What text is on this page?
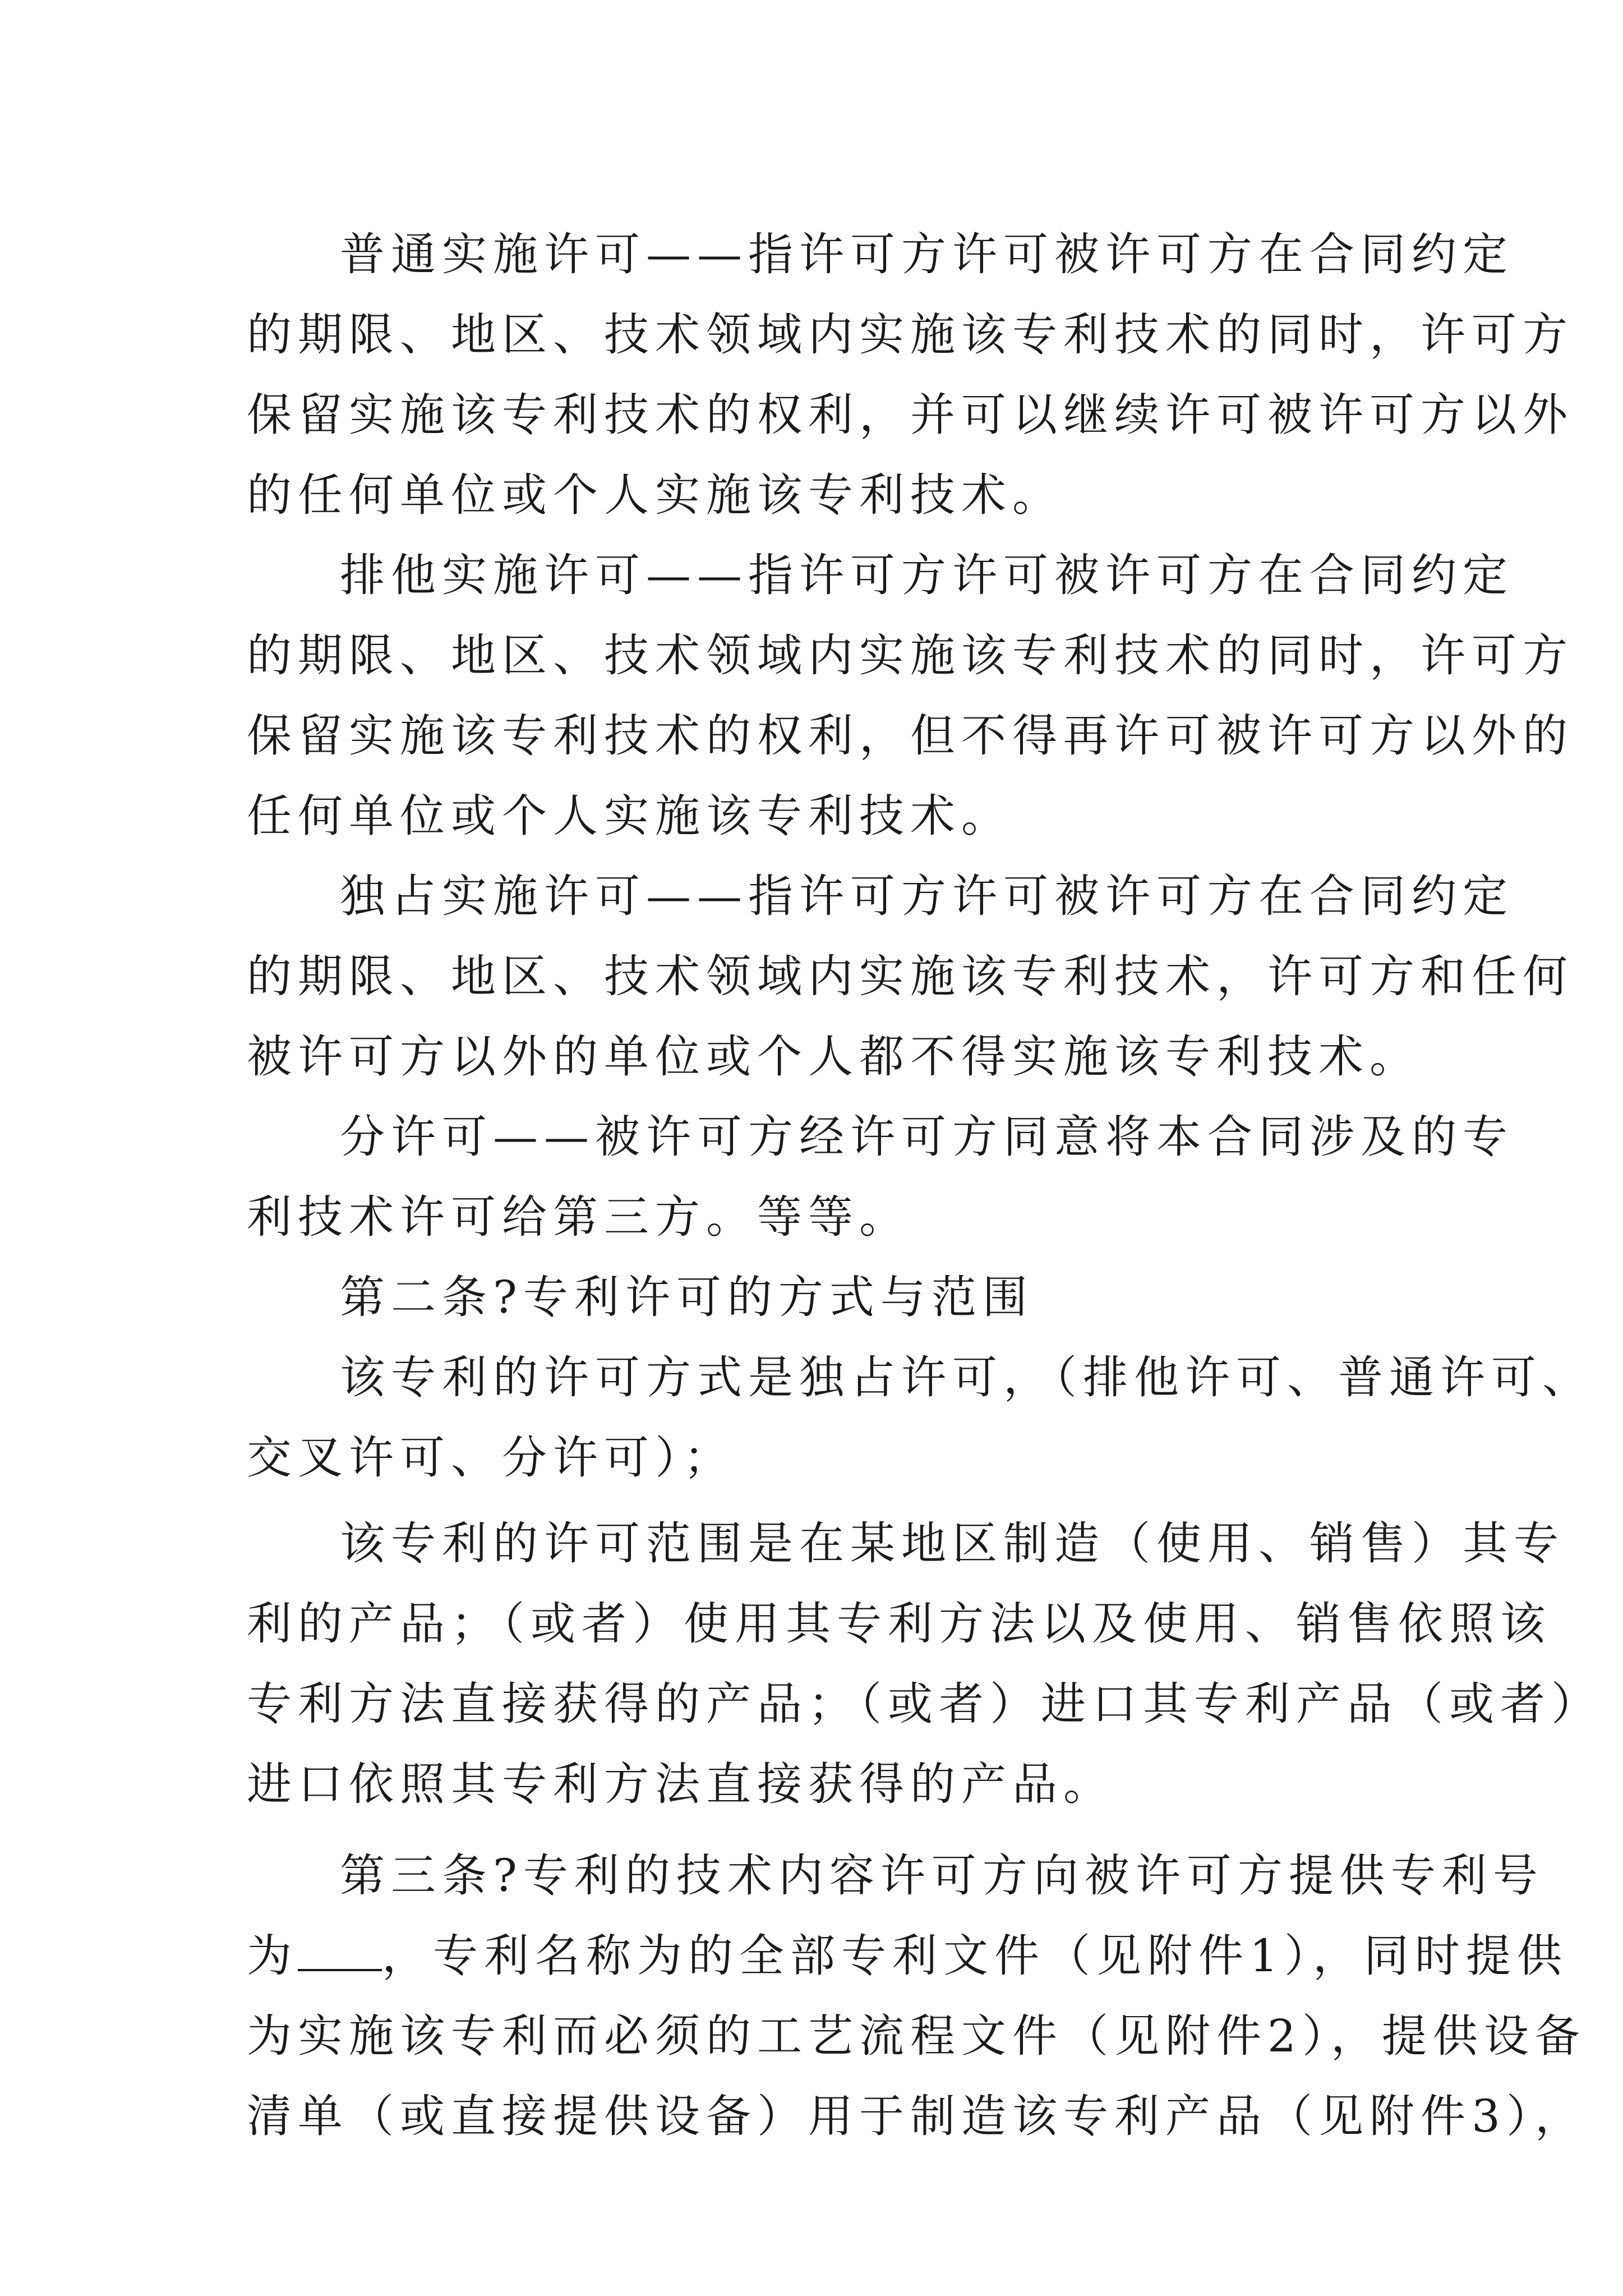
普通实施许可——指许可方许可被许可方在合同约定
的期限、地区、技术领域内实施该专利技术的同时，许可方
保留实施该专利技术的权利，并可以继续许可被许可方以外
的任何单位或个人实施该专利技术。
排他实施许可——指许可方许可被许可方在合同约定
的期限、地区、技术领域内实施该专利技术的同时，许可方
保留实施该专利技术的权利，但不得再许可被许可方以外的
任何单位或个人实施该专利技术。
独占实施许可——指许可方许可被许可方在合同约定
的期限、地区、技术领域内实施该专利技术，许可方和任何
被许可方以外的单位或个人都不得实施该专利技术。
分许可——被许可方经许可方同意将本合同涉及的专
利技术许可给第三方。等等。
第二条?专利许可的方式与范围
该专利的许可方式是独占许可，（排他许可、普通许可、
交叉许可、分许可）；
该专利的许可范围是在某地区制造（使用、销售）其专
利的产品；（或者）使用其专利方法以及使用、销售依照该
专利方法直接获得的产品；（或者）进口其专利产品（或者）
进口依照其专利方法直接获得的产品。
第三条?专利的技术内容许可方向被许可方提供专利号
为 ，专利名称为的全部专利文件（见附件1），同时提供
为实施该专利而必须的工艺流程文件（见附件2），提供设备
清单（或直接提供设备）用于制造该专利产品（见附件3），
